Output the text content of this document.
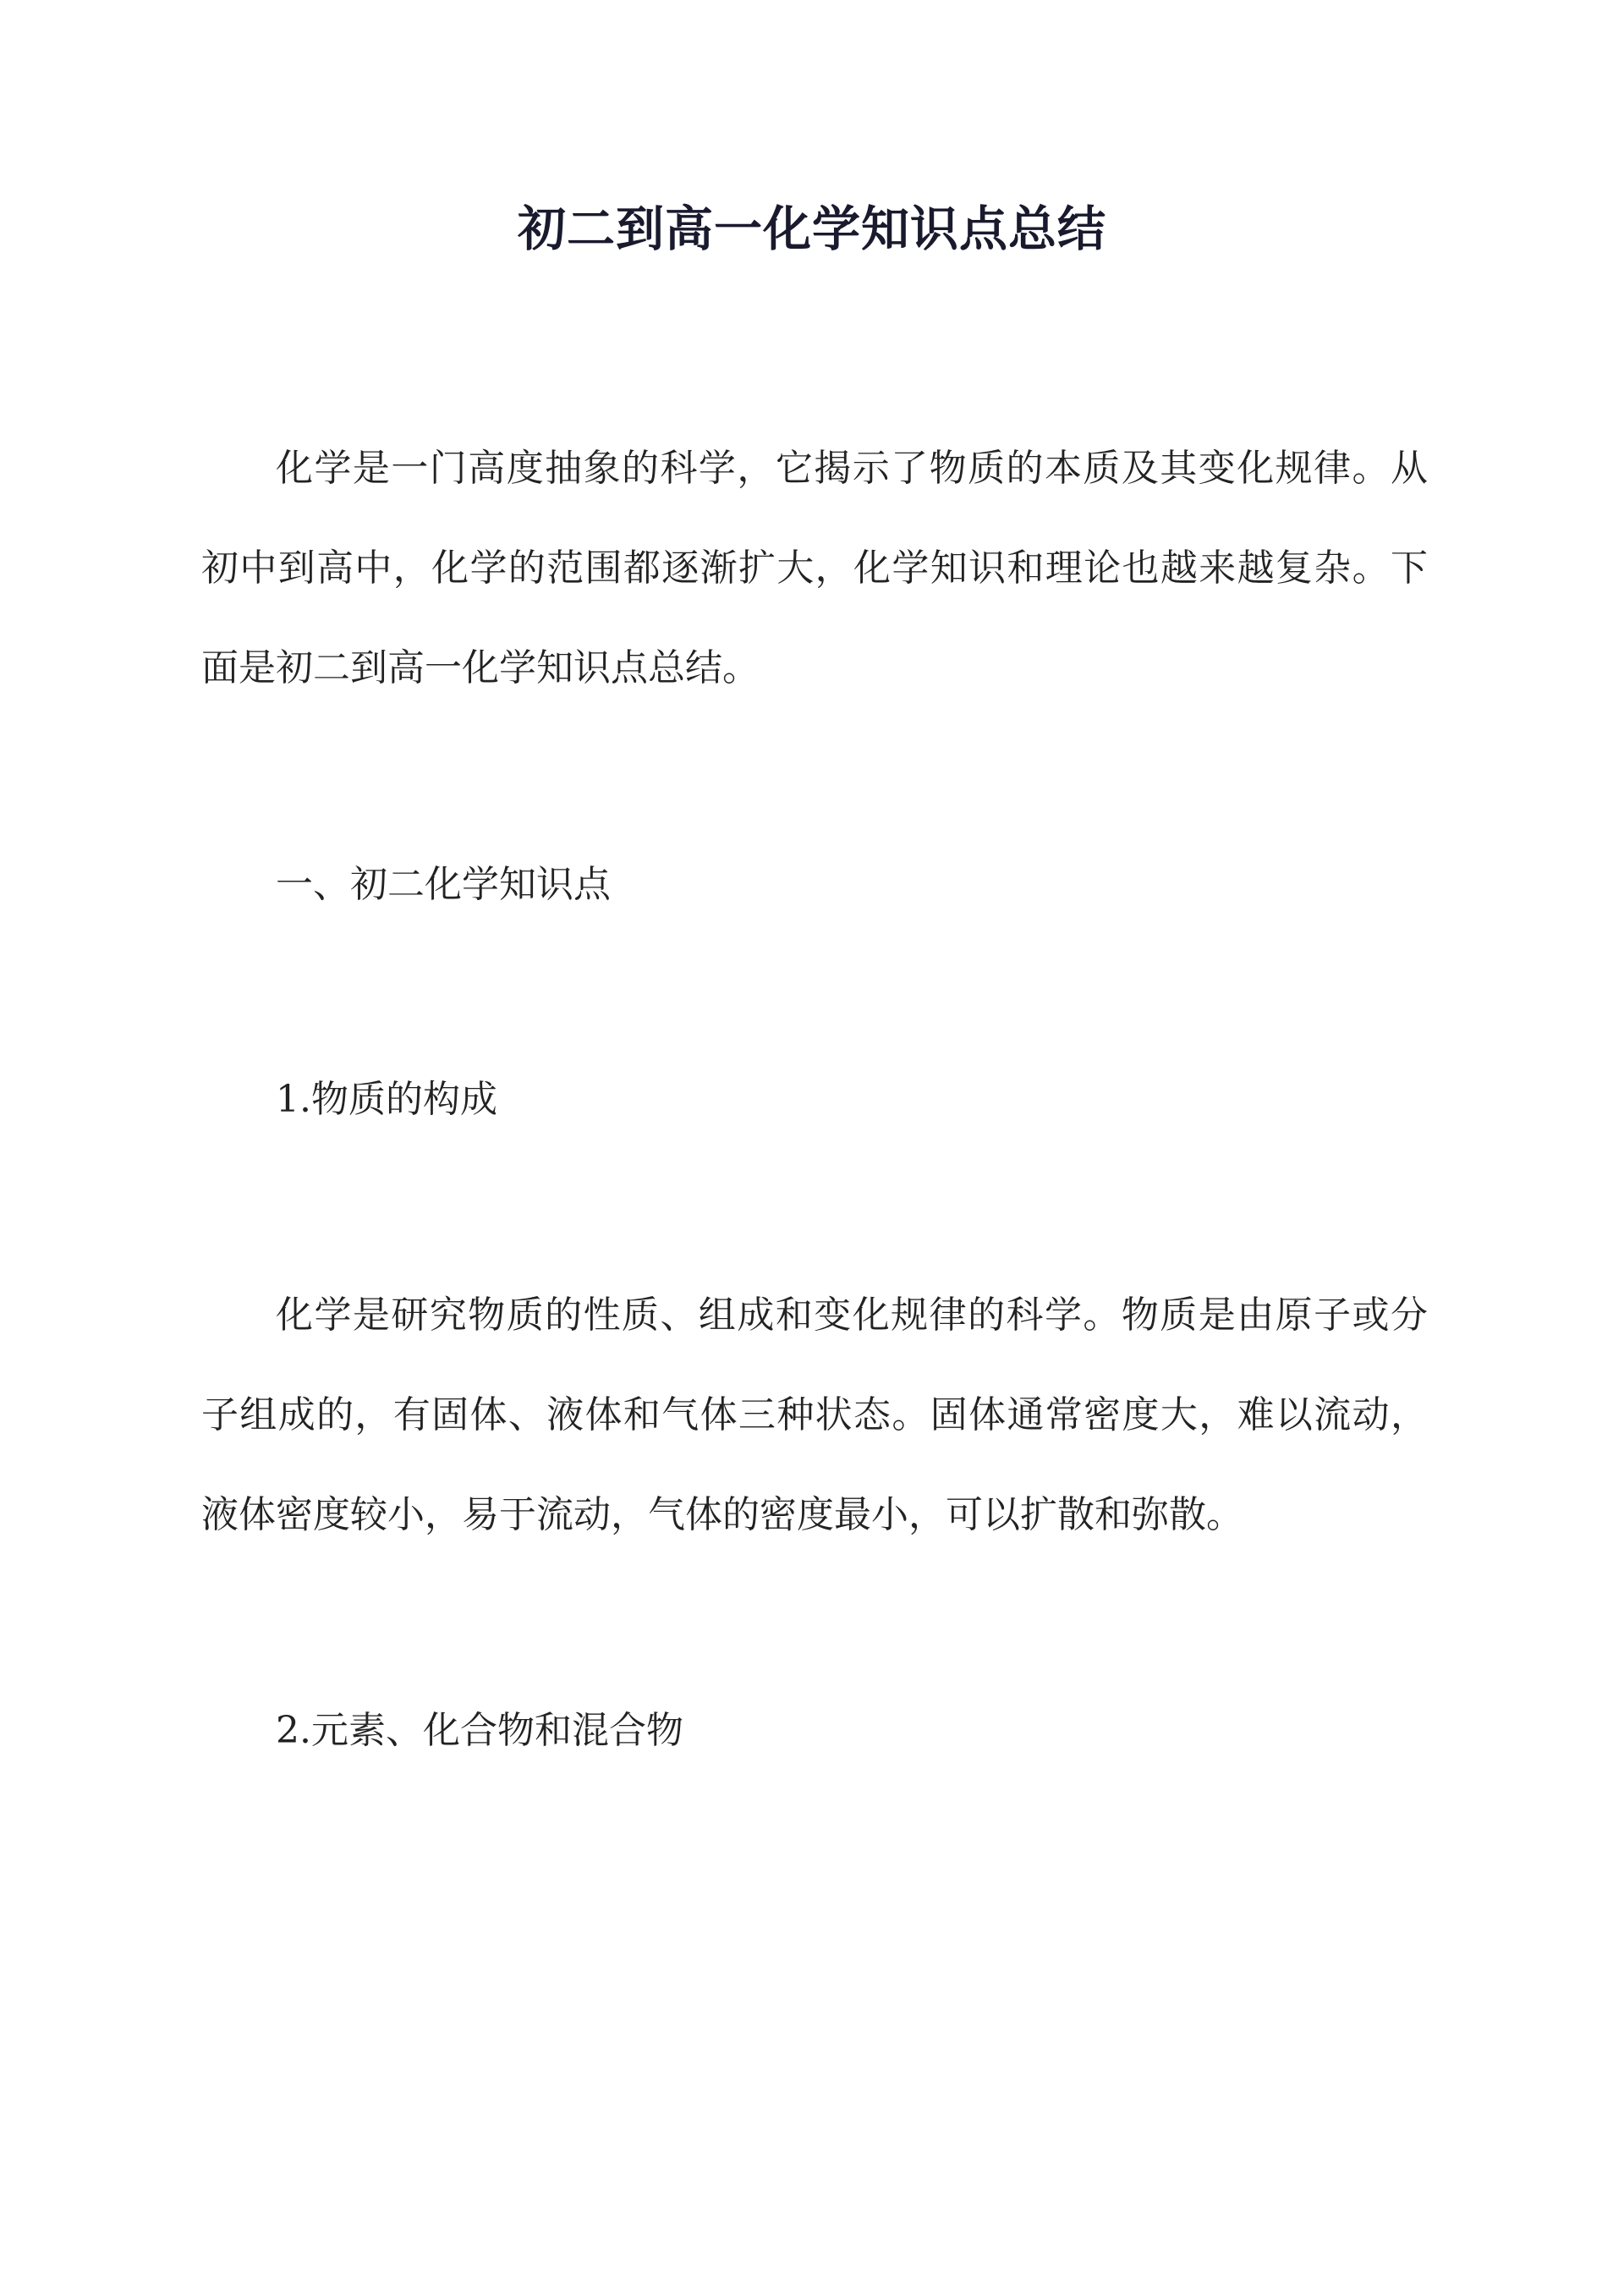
初二到高一化学知识点总结

化学是一门高度抽象的科学，它揭示了物质的本质及其变化规律。从初中到高中，化学的范围都逐渐扩大，化学知识和理论也越来越复杂。下面是初二到高一化学知识点总结。

一、初二化学知识点

1.物质的构成

化学是研究物质的性质、组成和变化规律的科学。物质是由原子或分子组成的，有固体、液体和气体三种状态。固体通常密度大，难以流动，液体密度较小，易于流动，气体的密度最小，可以扩散和弥散。

2.元素、化合物和混合物
